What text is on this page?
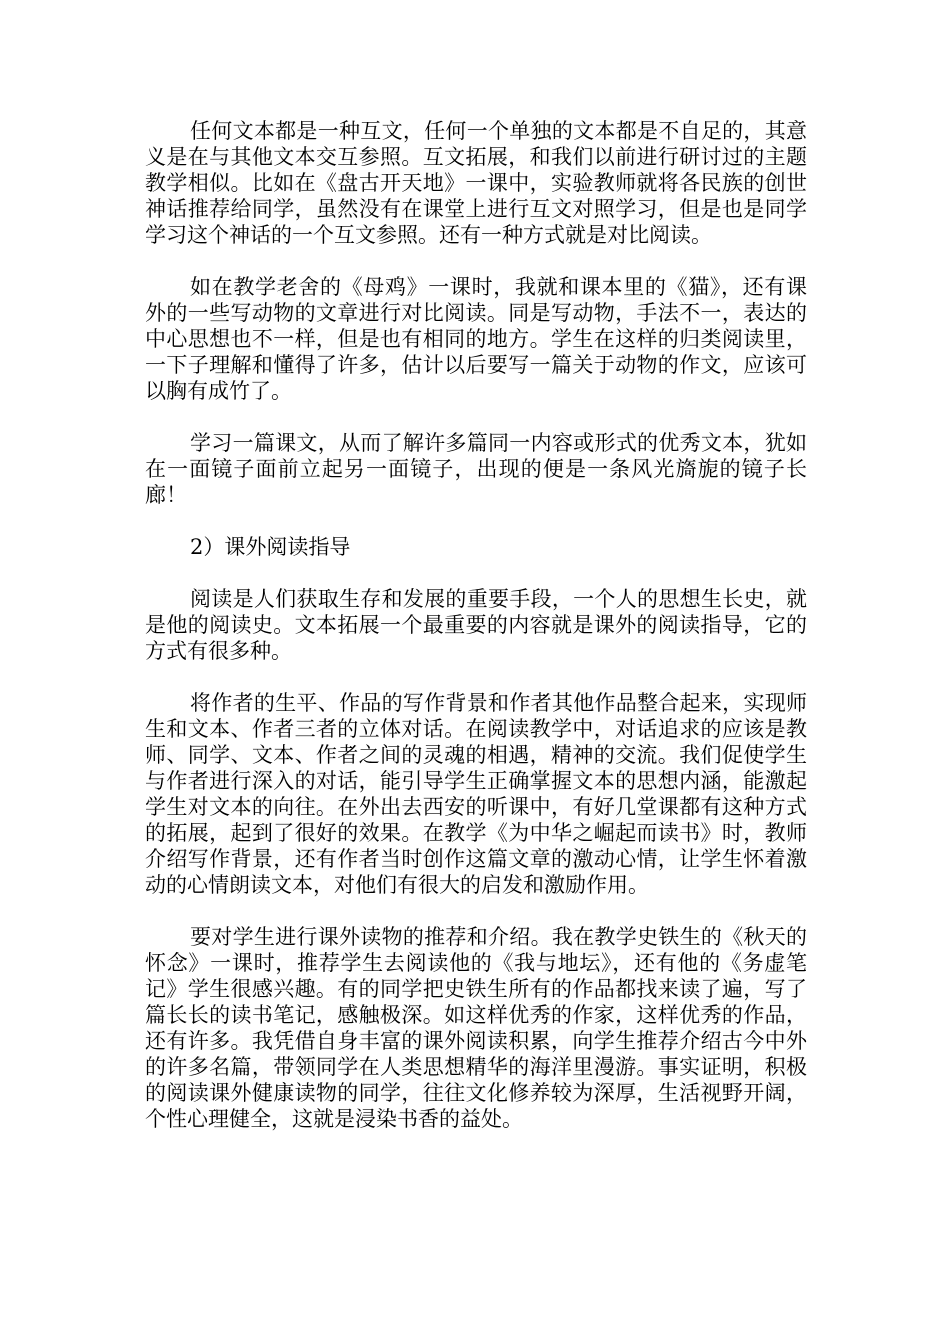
任何文本都是一种互文，任何一个单独的文本都是不自足的，其意义是在与其他文本交互参照。互文拓展，和我们以前进行研讨过的主题教学相似。比如在《盘古开天地》一课中，实验教师就将各民族的创世神话推荐给同学，虽然没有在课堂上进行互文对照学习，但是也是同学学习这个神话的一个互文参照。还有一种方式就是对比阅读。

如在教学老舍的《母鸡》一课时，我就和课本里的《猫》，还有课外的一些写动物的文章进行对比阅读。同是写动物，手法不一，表达的中心思想也不一样，但是也有相同的地方。学生在这样的归类阅读里，一下子理解和懂得了许多，估计以后要写一篇关于动物的作文，应该可以胸有成竹了。

学习一篇课文，从而了解许多篇同一内容或形式的优秀文本，犹如在一面镜子面前立起另一面镜子，出现的便是一条风光旖旎的镜子长廊！

2）课外阅读指导

阅读是人们获取生存和发展的重要手段，一个人的思想生长史，就是他的阅读史。文本拓展一个最重要的内容就是课外的阅读指导，它的方式有很多种。

将作者的生平、作品的写作背景和作者其他作品整合起来，实现师生和文本、作者三者的立体对话。在阅读教学中，对话追求的应该是教师、同学、文本、作者之间的灵魂的相遇，精神的交流。我们促使学生与作者进行深入的对话，能引导学生正确掌握文本的思想内涵，能激起学生对文本的向往。在外出去西安的听课中，有好几堂课都有这种方式的拓展，起到了很好的效果。在教学《为中华之崛起而读书》时，教师介绍写作背景，还有作者当时创作这篇文章的激动心情，让学生怀着激动的心情朗读文本，对他们有很大的启发和激励作用。

要对学生进行课外读物的推荐和介绍。我在教学史铁生的《秋天的怀念》一课时，推荐学生去阅读他的《我与地坛》，还有他的《务虚笔记》学生很感兴趣。有的同学把史铁生所有的作品都找来读了遍，写了篇长长的读书笔记，感触极深。如这样优秀的作家，这样优秀的作品，还有许多。我凭借自身丰富的课外阅读积累，向学生推荐介绍古今中外的许多名篇，带领同学在人类思想精华的海洋里漫游。事实证明，积极的阅读课外健康读物的同学，往往文化修养较为深厚，生活视野开阔，个性心理健全，这就是浸染书香的益处。
